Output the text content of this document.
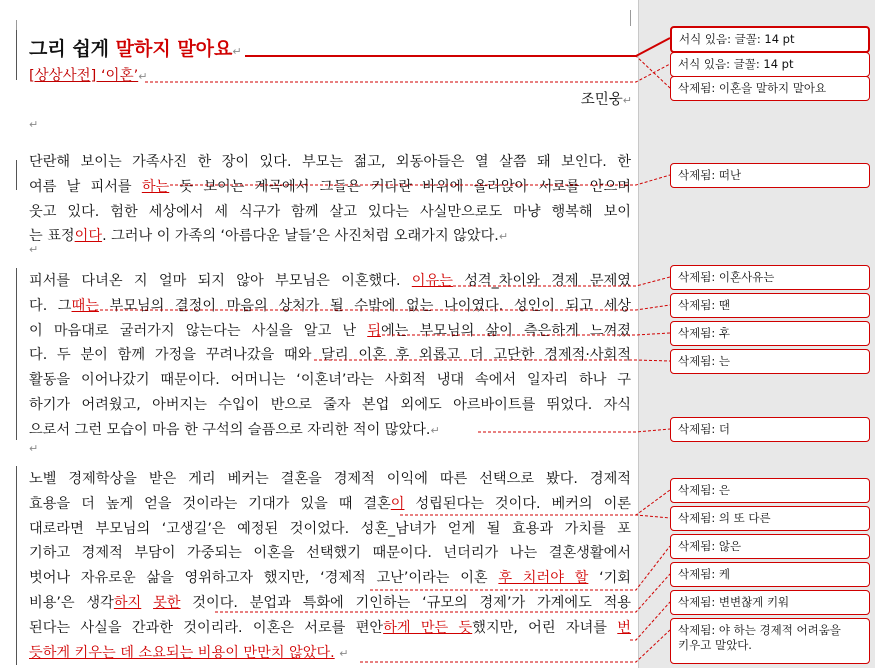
그리 쉽게 말하지 말아요↵
[상상사전] ‘이혼’↵
조민웅↵
↵
↵
↵
단란해 보이는 가족사진 한 장이 있다. 부모는 젊고, 외동아들은 열 살쯤 돼 보인다. 한
여름 날 피서를 하는 듯 보이는 계곡에서 그들은 커다란 바위에 올라앉아 서로를 안으며
웃고 있다. 험한 세상에서 세 식구가 함께 살고 있다는 사실만으로도 마냥 행복해 보이
는 표정이다. 그러나 이 가족의 ‘아름다운 날들’은 사진처럼 오래가지 않았다.↵
피서를 다녀온 지 얼마 되지 않아 부모님은 이혼했다. 이유는 성격_차이와 경제 문제였
다. 그때는 부모님의 결정이 마음의 상처가 될 수밖에 없는 나이였다. 성인이 되고 세상
이 마음대로 굴러가지 않는다는 사실을 알고 난 뒤에는 부모님의 삶이 측은하게 느껴졌
다. 두 분이 함께 가정을 꾸려나갔을 때와 달리 이혼 후 외롭고 더 고단한 경제적·사회적
활동을 이어나갔기 때문이다. 어머니는 ‘이혼녀’라는 사회적 냉대 속에서 일자리 하나 구
하기가 어려웠고, 아버지는 수입이 반으로 줄자 본업 외에도 아르바이트를 뛰었다. 자식
으로서 그런 모습이 마음 한 구석의 슬픔으로 자리한 적이 많았다.↵
노벨 경제학상을 받은 게리 베커는 결혼을 경제적 이익에 따른 선택으로 봤다. 경제적
효용을 더 높게 얻을 것이라는 기대가 있을 때 결혼이 성립된다는 것이다. 베커의 이론
대로라면 부모님의 ‘고생길’은 예정된 것이었다. 성혼_남녀가 얻게 될 효용과 가치를 포
기하고 경제적 부담이 가중되는 이혼을 선택했기 때문이다. 넌더리가 나는 결혼생활에서
벗어나 자유로운 삶을 영위하고자 했지만, ‘경제적 고난’이라는 이혼 후 치러야 할 ‘기회
비용’은 생각하지 못한 것이다. 분업과 특화에 기인하는 ‘규모의 경제’가 가계에도 적용
된다는 사실을 간과한 것이리라. 이혼은 서로를 편안하게 만든 듯했지만, 어린 자녀를 번
듯하게 키우는 데 소요되는 비용이 만만치 않았다. ↵
서식 있음: 글꼴: 14 pt
서식 있음: 글꼴: 14 pt
삭제됨: 이혼을 말하지 말아요
삭제됨: 떠난
삭제됨: 이혼사유는
삭제됨: 땐
삭제됨: 후
삭제됨: 는
삭제됨: 더
삭제됨: 은
삭제됨: 의 또 다른
삭제됨: 않은
삭제됨: 케
삭제됨: 변변찮게 키워
삭제됨: 야 하는 경제적 어려움을
키우고 말았다.
